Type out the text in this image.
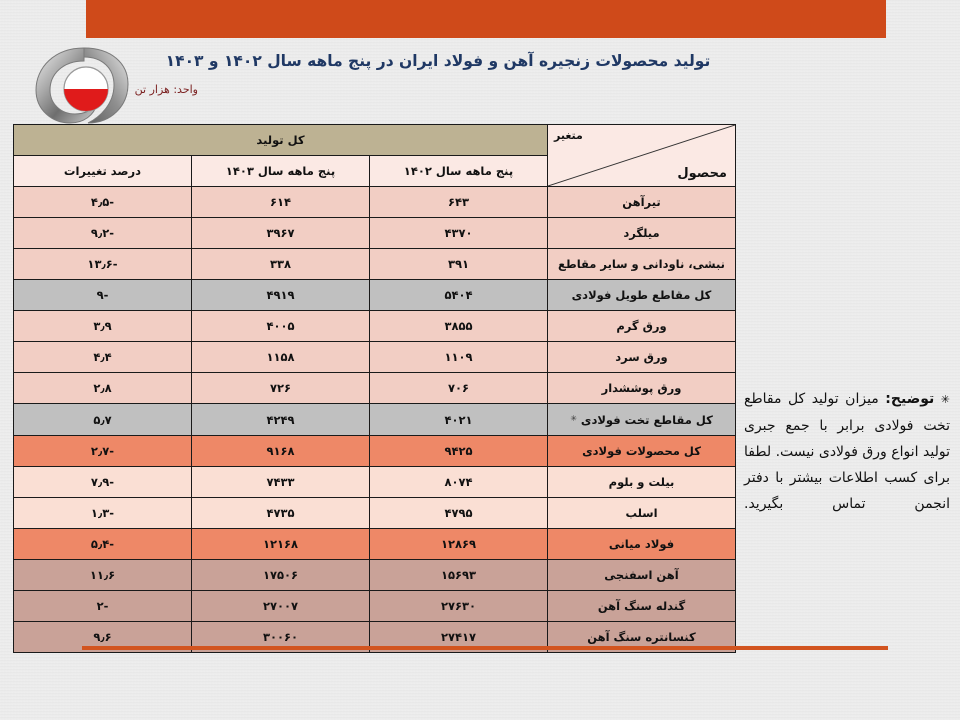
تولید محصولات زنجیره آهن و فولاد ایران در پنج ماهه سال ۱۴۰۲ و ۱۴۰۳
واحد: هزار تن
متغیر
محصول	کل تولید		
	پنج ماهه سال ۱۴۰۲	پنج ماهه سال ۱۴۰۳	درصد تغییرات
تیرآهن	۶۴۳	۶۱۴	-۴٫۵
میلگرد	۴۳۷۰	۳۹۶۷	-۹٫۲
نبشی، ناودانی و سایر مقاطع	۳۹۱	۳۳۸	-۱۳٫۶
کل مقاطع طویل فولادی	۵۴۰۴	۴۹۱۹	-۹
ورق گرم	۳۸۵۵	۴۰۰۵	۳٫۹
ورق سرد	۱۱۰۹	۱۱۵۸	۴٫۴
ورق پوششدار	۷۰۶	۷۲۶	۲٫۸
کل مقاطع تخت فولادی✳	۴۰۲۱	۴۲۴۹	۵٫۷
کل محصولات فولادی	۹۴۲۵	۹۱۶۸	-۲٫۷
بیلت و بلوم	۸۰۷۴	۷۴۳۳	-۷٫۹
اسلب	۴۷۹۵	۴۷۳۵	-۱٫۳
فولاد میانی	۱۲۸۶۹	۱۲۱۶۸	-۵٫۴
آهن اسفنجی	۱۵۶۹۳	۱۷۵۰۶	۱۱٫۶
گندله سنگ آهن	۲۷۶۳۰	۲۷۰۰۷	-۲
کنسانتره سنگ آهن	۲۷۴۱۷	۳۰۰۶۰	۹٫۶
✳ توضیح: میزان تولید کل مقاطع تخت فولادی برابر با جمع جبری تولید انواع ورق فولادی نیست. لطفا برای کسب اطلاعات بیشتر با دفتر انجمن تماس بگیرید.
